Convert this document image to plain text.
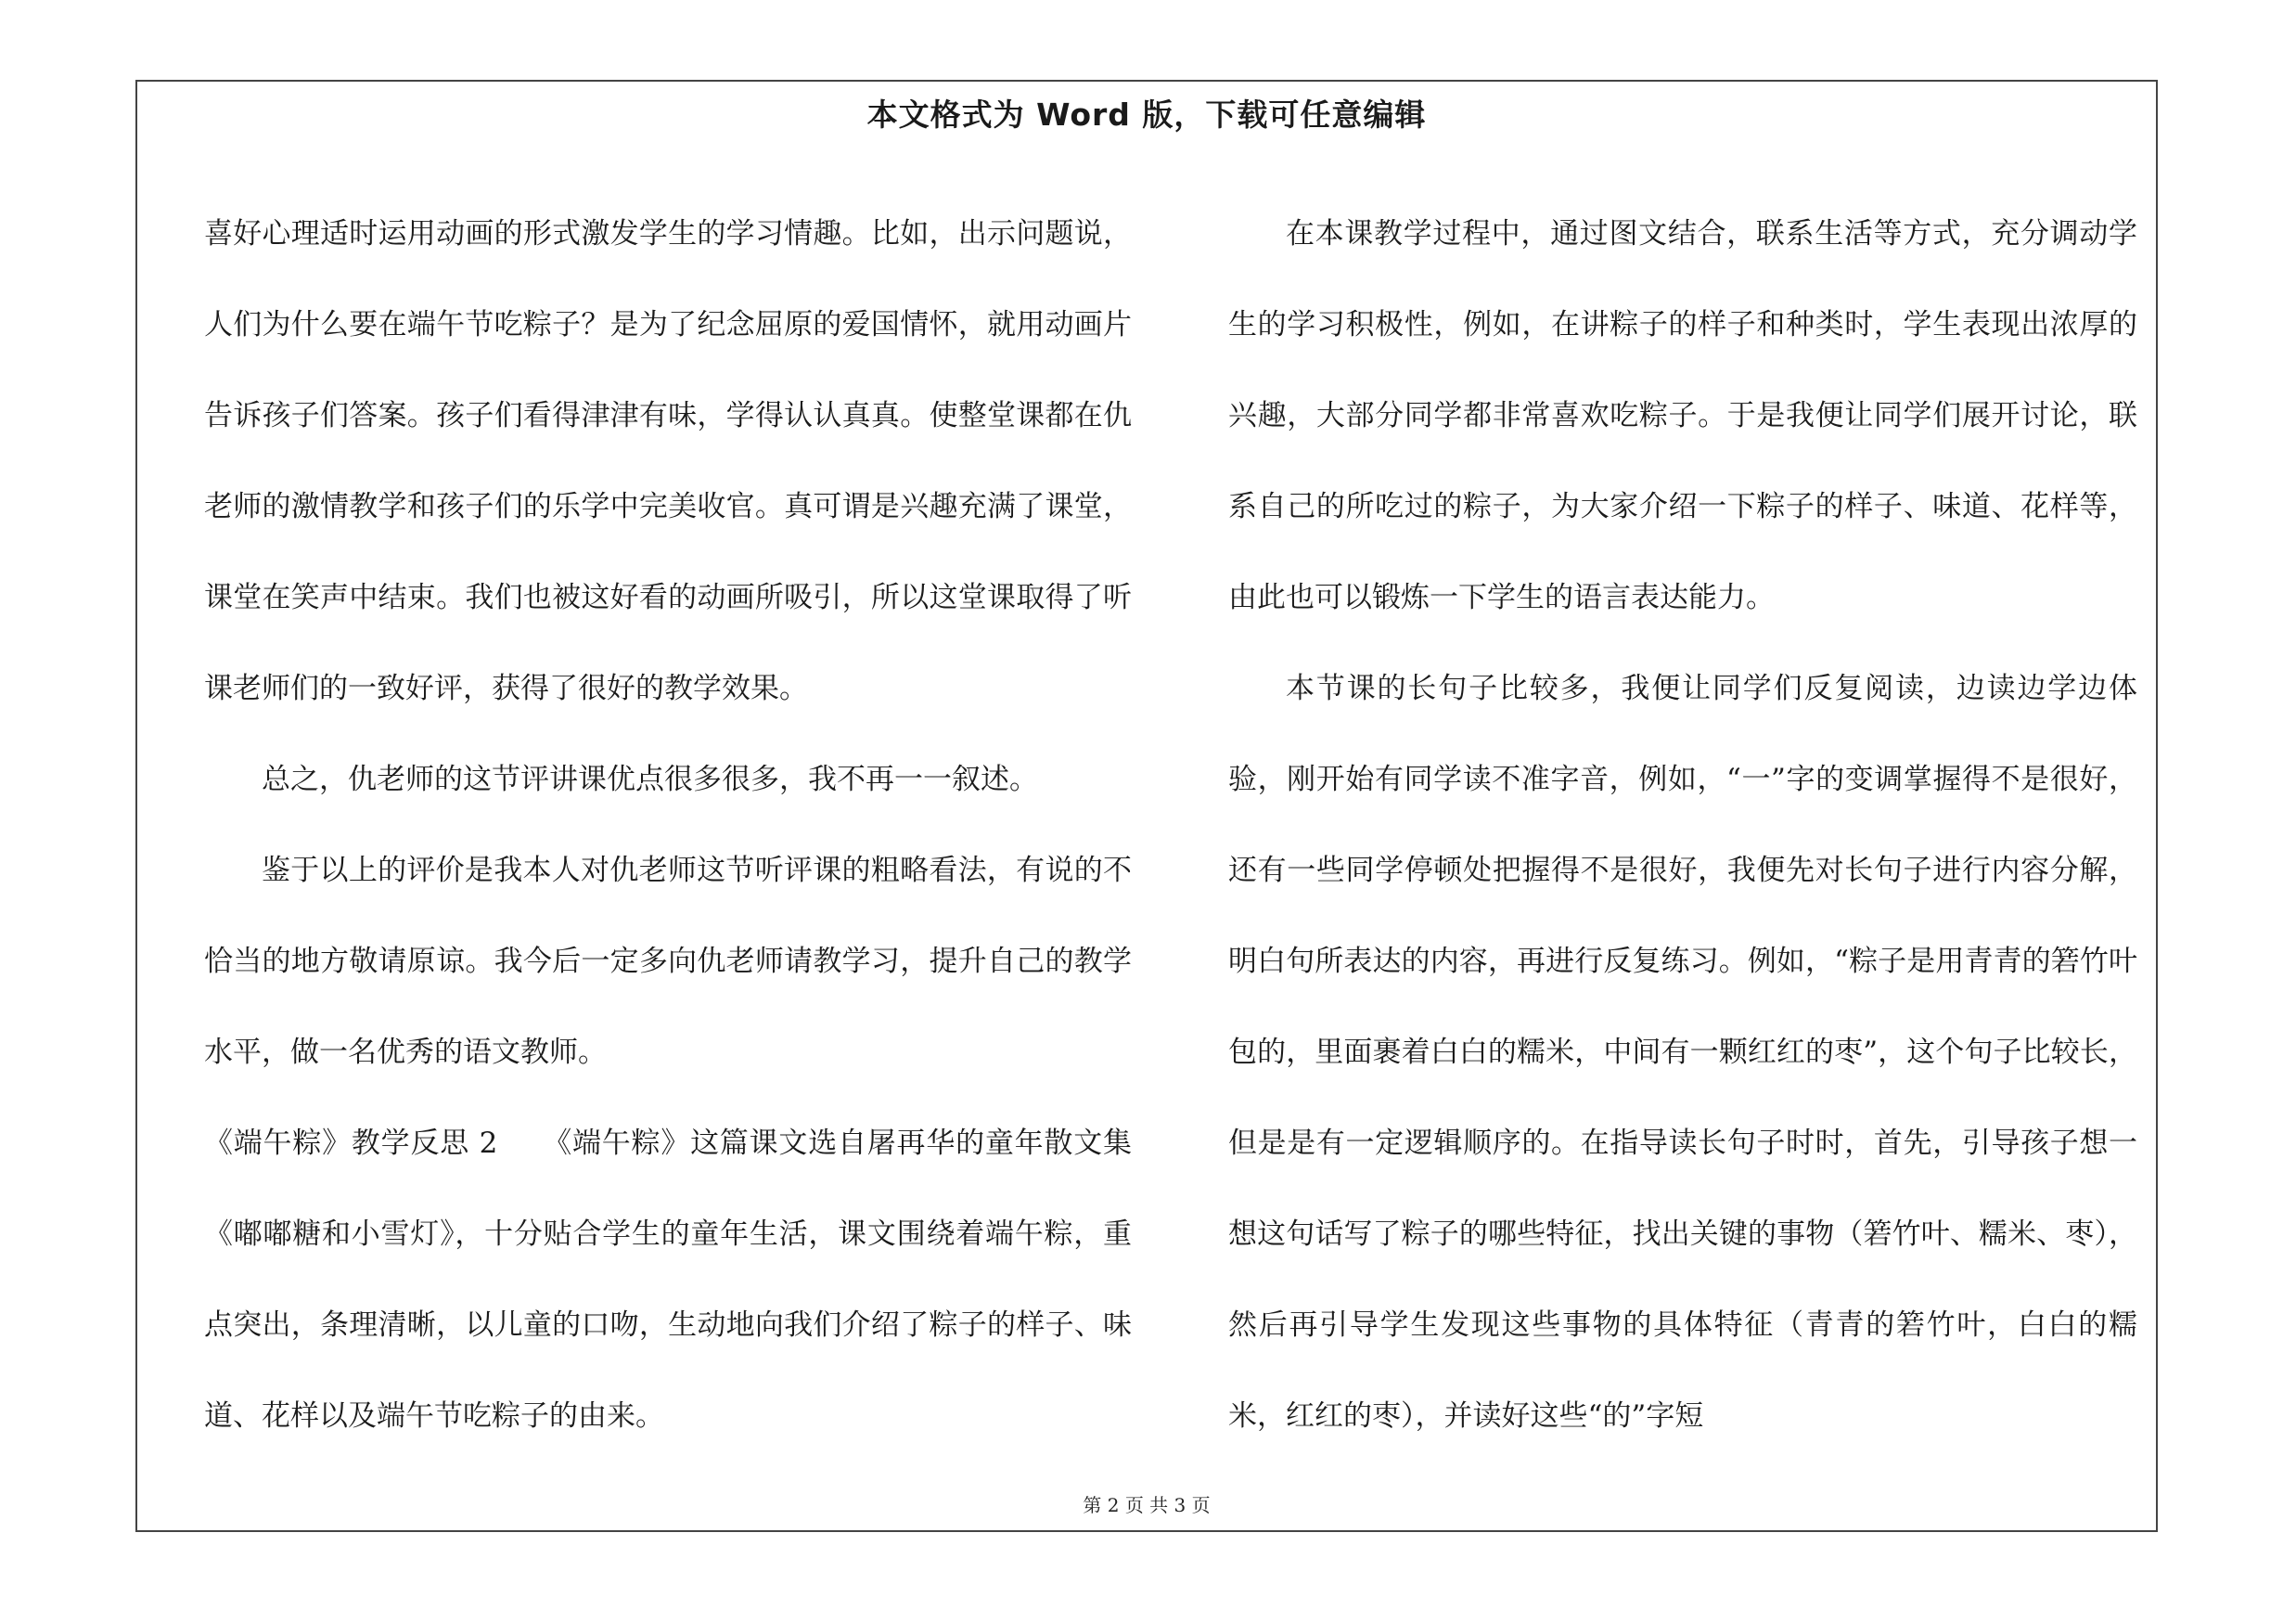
本文格式为 Word 版，下载可任意编辑

喜好心理适时运用动画的形式激发学生的学习情趣。比如，出示问题说，人们为什么要在端午节吃粽子？是为了纪念屈原的爱国情怀，就用动画片告诉孩子们答案。孩子们看得津津有味，学得认认真真。使整堂课都在仇老师的激情教学和孩子们的乐学中完美收官。真可谓是兴趣充满了课堂，课堂在笑声中结束。我们也被这好看的动画所吸引，所以这堂课取得了听课老师们的一致好评，获得了很好的教学效果。

总之，仇老师的这节评讲课优点很多很多，我不再一一叙述。

鉴于以上的评价是我本人对仇老师这节听评课的粗略看法，有说的不恰当的地方敬请原谅。我今后一定多向仇老师请教学习，提升自己的教学水平，做一名优秀的语文教师。

《端午粽》教学反思 2　　《端午粽》这篇课文选自屠再华的童年散文集《嘟嘟糖和小雪灯》，十分贴合学生的童年生活，课文围绕着端午粽，重点突出，条理清晰，以儿童的口吻，生动地向我们介绍了粽子的样子、味道、花样以及端午节吃粽子的由来。

在本课教学过程中，通过图文结合，联系生活等方式，充分调动学生的学习积极性，例如，在讲粽子的样子和种类时，学生表现出浓厚的兴趣，大部分同学都非常喜欢吃粽子。于是我便让同学们展开讨论，联系自己的所吃过的粽子，为大家介绍一下粽子的样子、味道、花样等，由此也可以锻炼一下学生的语言表达能力。

本节课的长句子比较多，我便让同学们反复阅读，边读边学边体验，刚开始有同学读不准字音，例如，“一”字的变调掌握得不是很好，还有一些同学停顿处把握得不是很好，我便先对长句子进行内容分解，明白句所表达的内容，再进行反复练习。例如，“粽子是用青青的箬竹叶包的，里面裹着白白的糯米，中间有一颗红红的枣”，这个句子比较长，但是是有一定逻辑顺序的。在指导读长句子时时，首先，引导孩子想一想这句话写了粽子的哪些特征，找出关键的事物（箬竹叶、糯米、枣），然后再引导学生发现这些事物的具体特征（青青的箬竹叶，白白的糯米，红红的枣），并读好这些“的”字短

第 2 页 共 3 页
